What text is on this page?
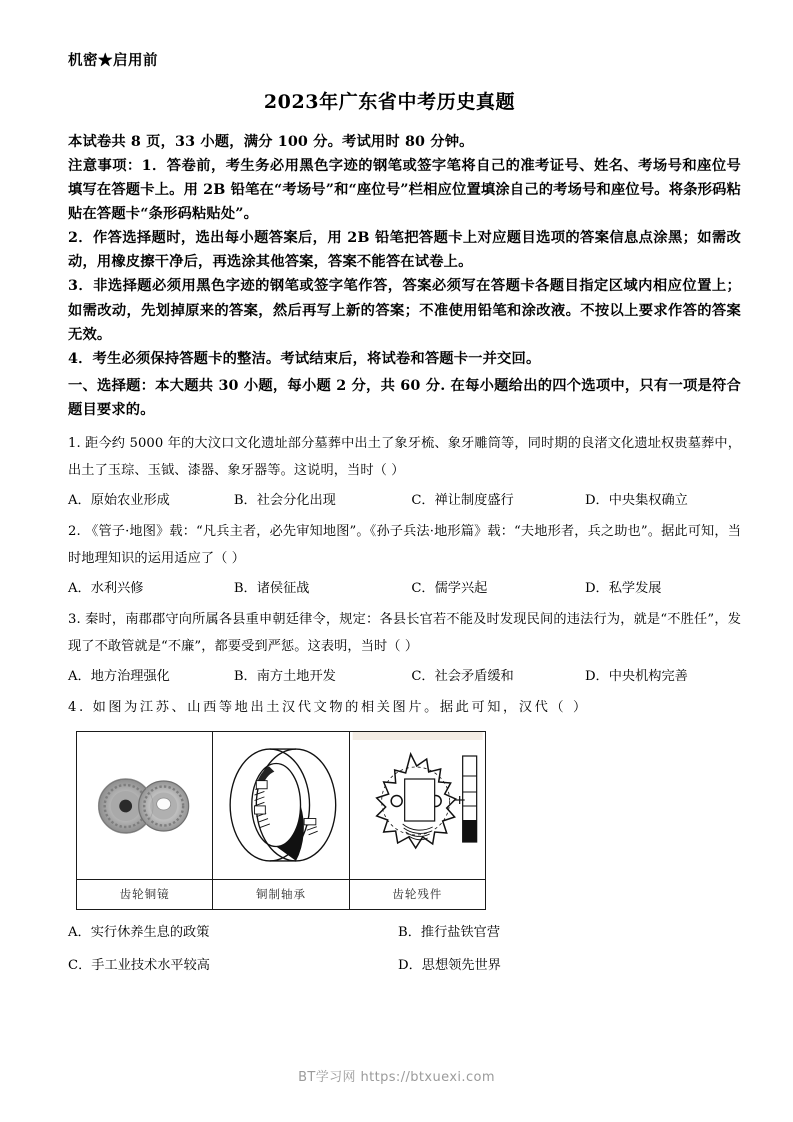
机密★启用前
2023年广东省中考历史真题

本试卷共 8 页，33 小题，满分 100 分。考试用时 80 分钟。

注意事项：1．答卷前，考生务必用黑色字迹的钢笔或签字笔将自己的准考证号、姓名、考场号和座位号填写在答题卡上。用 2B 铅笔在“考场号”和“座位号”栏相应位置填涂自己的考场号和座位号。将条形码粘贴在答题卡“条形码粘贴处”。

2．作答选择题时，选出每小题答案后，用 2B 铅笔把答题卡上对应题目选项的答案信息点涂黑；如需改动，用橡皮擦干净后，再选涂其他答案，答案不能答在试卷上。

3．非选择题必须用黑色字迹的钢笔或签字笔作答，答案必须写在答题卡各题目指定区域内相应位置上；如需改动，先划掉原来的答案，然后再写上新的答案；不准使用铅笔和涂改液。不按以上要求作答的答案无效。

4．考生必须保持答题卡的整洁。考试结束后，将试卷和答题卡一并交回。

一、选择题：本大题共 30 小题，每小题 2 分，共 60 分. 在每小题给出的四个选项中，只有一项是符合题目要求的。
1. 距今约 5000 年的大汶口文化遗址部分墓葬中出土了象牙梳、象牙雕筒等，同时期的良渚文化遗址权贵墓葬中，出土了玉琮、玉钺、漆器、象牙器等。这说明，当时（ ）
A．原始农业形成	B．社会分化出现	C．禅让制度盛行	D．中央集权确立
2. 《管子·地图》载：“凡兵主者，必先审知地图”。《孙子兵法·地形篇》载：“夫地形者，兵之助也”。据此可知，当时地理知识的运用适应了（ ）
A．水利兴修	B．诸侯征战	C．儒学兴起	D．私学发展
3. 秦时，南郡郡守向所属各县重申朝廷律令，规定：各县长官若不能及时发现民间的违法行为，就是“不胜任”，发现了不敢管就是“不廉”，都要受到严惩。这表明，当时（ ）
A．地方治理强化	B．南方土地开发	C．社会矛盾缓和	D．中央机构完善
4. 如图为江苏、山西等地出土汉代文物的相关图片。据此可知，汉代（ ）

齿轮铜镜	铜制轴承	齿轮残件
A．实行休养生息的政策	B．推行盐铁官营
C．手工业技术水平较高	D．思想领先世界
BT学习网 https://btxuexi.com
